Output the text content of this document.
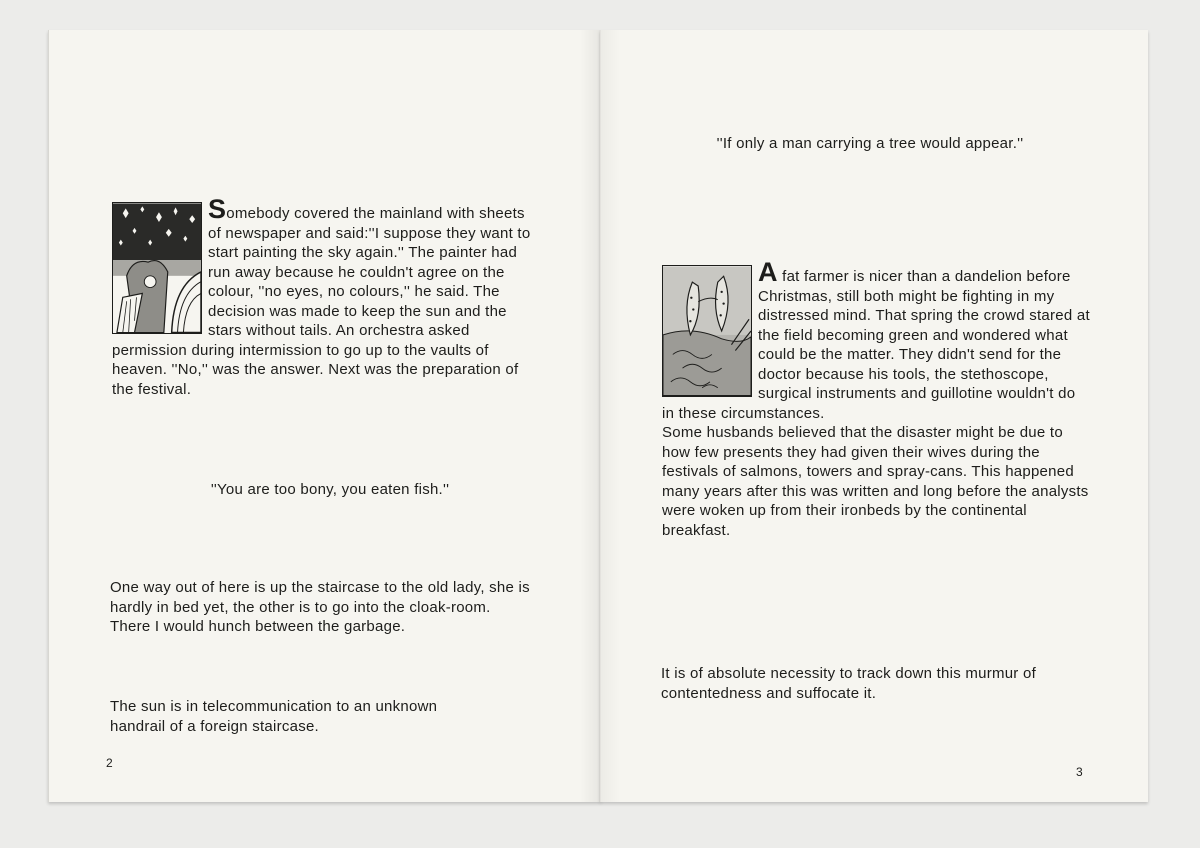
Somebody covered the mainland with sheets of newspaper and said:''I suppose they want to start painting the sky again.'' The painter had run away because he couldn't agree on the colour, ''no eyes, no colours,'' he said. The decision was made to keep the sun and the stars without tails. An orchestra asked permission during intermission to go up to the vaults of heaven. ''No,'' was the answer. Next was the preparation of the festival.

''You are too bony, you eaten fish.''

One way out of here is up the staircase to the old lady, she is hardly in bed yet, the other is to go into the cloak-room. There I would hunch between the garbage.

The sun is in telecommunication to an unknown handrail of a foreign staircase.

2

''If only a man carrying a tree would appear.''

A fat farmer is nicer than a dandelion before Christmas, still both might be fighting in my distressed mind. That spring the crowd stared at the field becoming green and wondered what could be the matter. They didn't send for the doctor because his tools, the stethoscope, surgical instruments and guillotine wouldn't do in these circumstances.

Some husbands believed that the disaster might be due to how few presents they had given their wives during the festivals of salmons, towers and spray-cans. This happened many years after this was written and long before the analysts were woken up from their ironbeds by the continental breakfast.

It is of absolute necessity to track down this murmur of contentedness and suffocate it.

3
